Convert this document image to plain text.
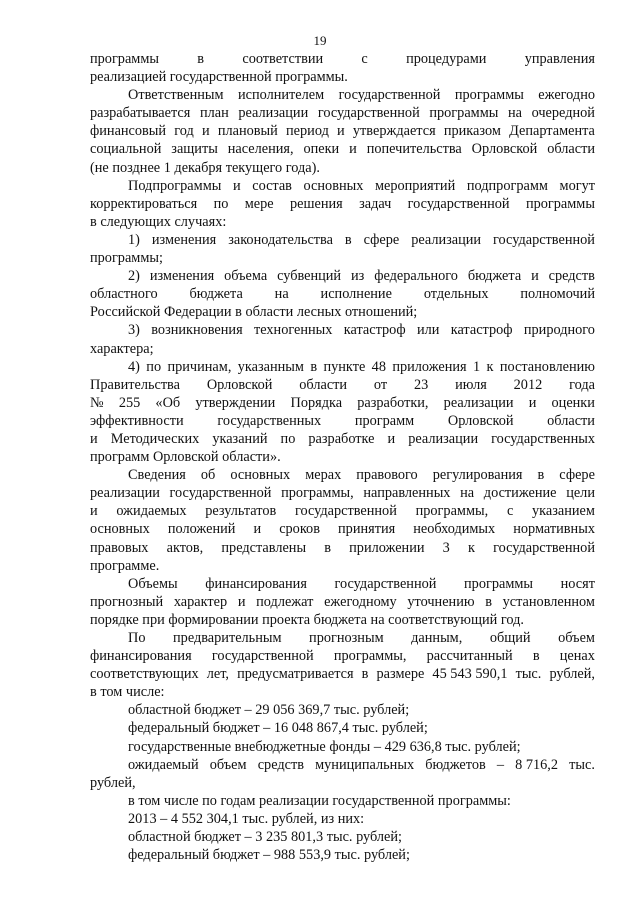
19
программы	в	соответствии	с	процедурами	управления
реализацией государственной программы.
Ответственным исполнителем государственной программы ежегодно
разрабатывается план реализации государственной программы на очередной
финансовый год и плановый период и утверждается приказом Департамента
социальной защиты населения, опеки и попечительства Орловской области
(не позднее 1 декабря текущего года).
Подпрограммы и состав основных мероприятий подпрограмм могут
корректироваться по мере решения задач государственной программы
в следующих случаях:
1) изменения законодательства в сфере реализации государственной
программы;
2) изменения объема субвенций из федерального бюджета и средств
областного бюджета на исполнение отдельных полномочий
Российской Федерации в области лесных отношений;
3) возникновения техногенных катастроф или катастроф природного
характера;
4) по причинам, указанным в пункте 48 приложения 1 к постановлению
Правительства Орловской области от 23 июля 2012 года
№ 255 «Об утверждении Порядка разработки, реализации и оценки
эффективности государственных программ Орловской области
и Методических указаний по разработке и реализации государственных
программ Орловской области».
Сведения об основных мерах правового регулирования в сфере
реализации государственной программы, направленных на достижение цели
и ожидаемых результатов государственной программы, с указанием
основных положений и сроков принятия необходимых нормативных
правовых актов, представлены в приложении 3 к государственной
программе.
Объемы финансирования государственной программы носят
прогнозный характер и подлежат ежегодному уточнению в установленном
порядке при формировании проекта бюджета на соответствующий год.
По предварительным прогнозным данным, общий объем
финансирования государственной программы, рассчитанный в ценах
соответствующих лет, предусматривается в размере 45 543 590,1 тыс. рублей,
в том числе:
областной бюджет – 29 056 369,7 тыс. рублей;
федеральный бюджет – 16 048 867,4 тыс. рублей;
государственные внебюджетные фонды – 429 636,8 тыс. рублей;
ожидаемый объем средств муниципальных бюджетов – 8 716,2 тыс.
рублей,
в том числе по годам реализации государственной программы:
2013 – 4 552 304,1 тыс. рублей, из них:
областной бюджет – 3 235 801,3 тыс. рублей;
федеральный бюджет – 988 553,9 тыс. рублей;
